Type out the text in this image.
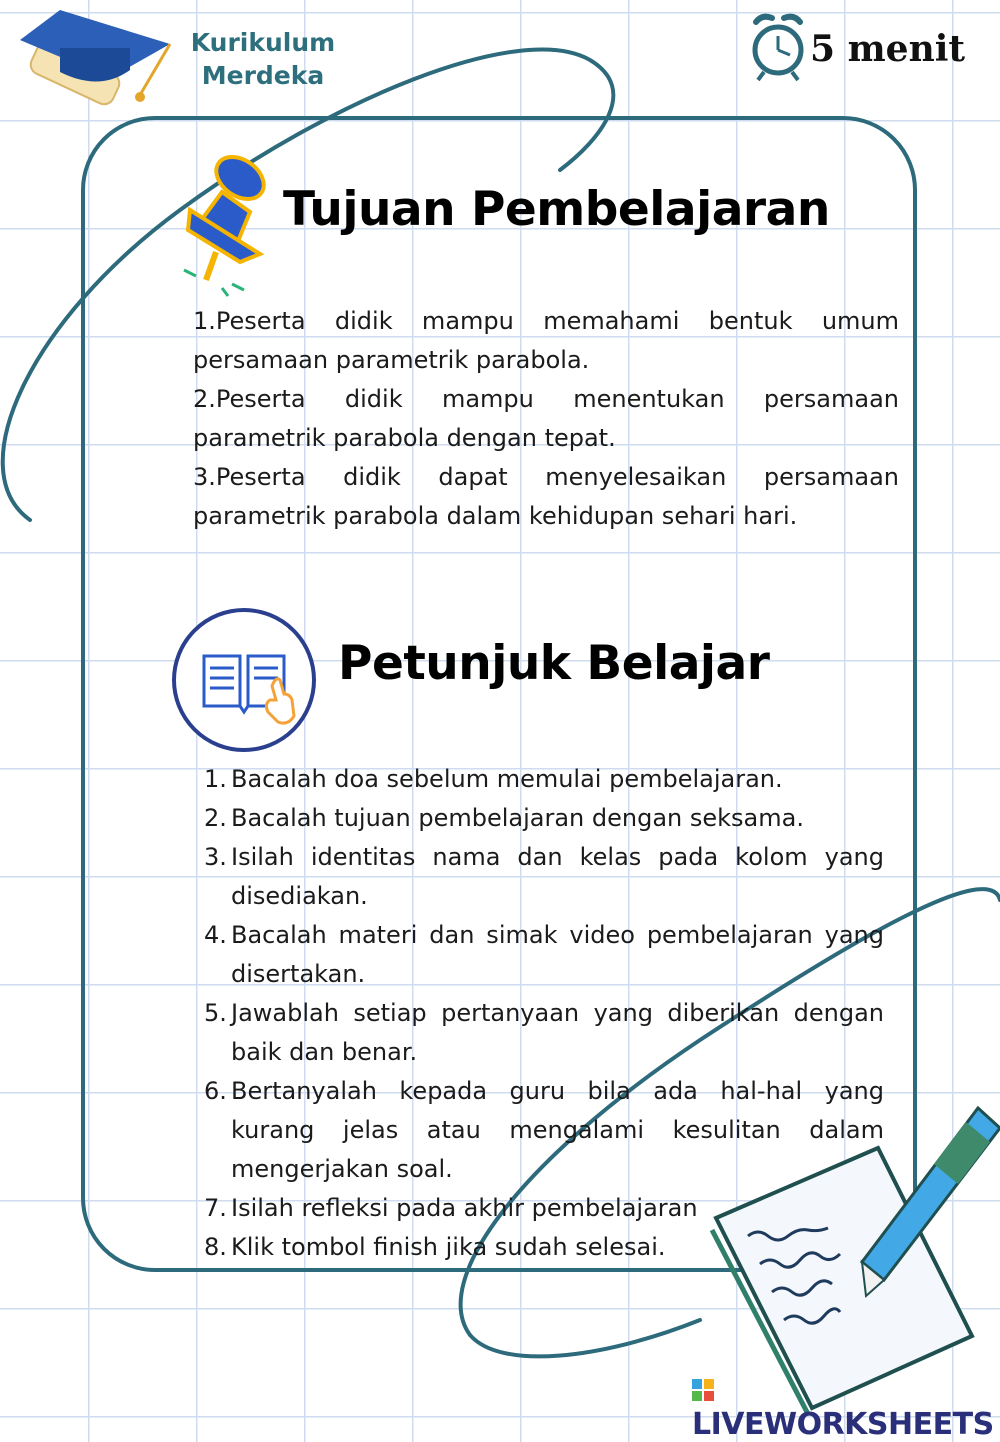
Kurikulum
Merdeka
5 menit
Tujuan Pembelajaran

1.Peserta didik mampu memahami bentuk umum persamaan parametrik parabola.

2.Peserta didik mampu menentukan persamaan parametrik parabola dengan tepat.

3.Peserta didik dapat menyelesaikan persamaan parametrik parabola dalam kehidupan sehari hari.

Petunjuk Belajar
1. Bacalah doa sebelum memulai pembelajaran.
2. Bacalah tujuan pembelajaran dengan seksama.
3. Isilah identitas nama dan kelas pada kolom yang disediakan.
4. Bacalah materi dan simak video pembelajaran yang disertakan.
5. Jawablah setiap pertanyaan yang diberikan dengan baik dan benar.
6. Bertanyalah kepada guru bila ada hal-hal yang kurang jelas atau mengalami kesulitan dalam mengerjakan soal.
7. Isilah refleksi pada akhir pembelajaran
8. Klik tombol finish jika sudah selesai.
LIVEWORKSHEETS
